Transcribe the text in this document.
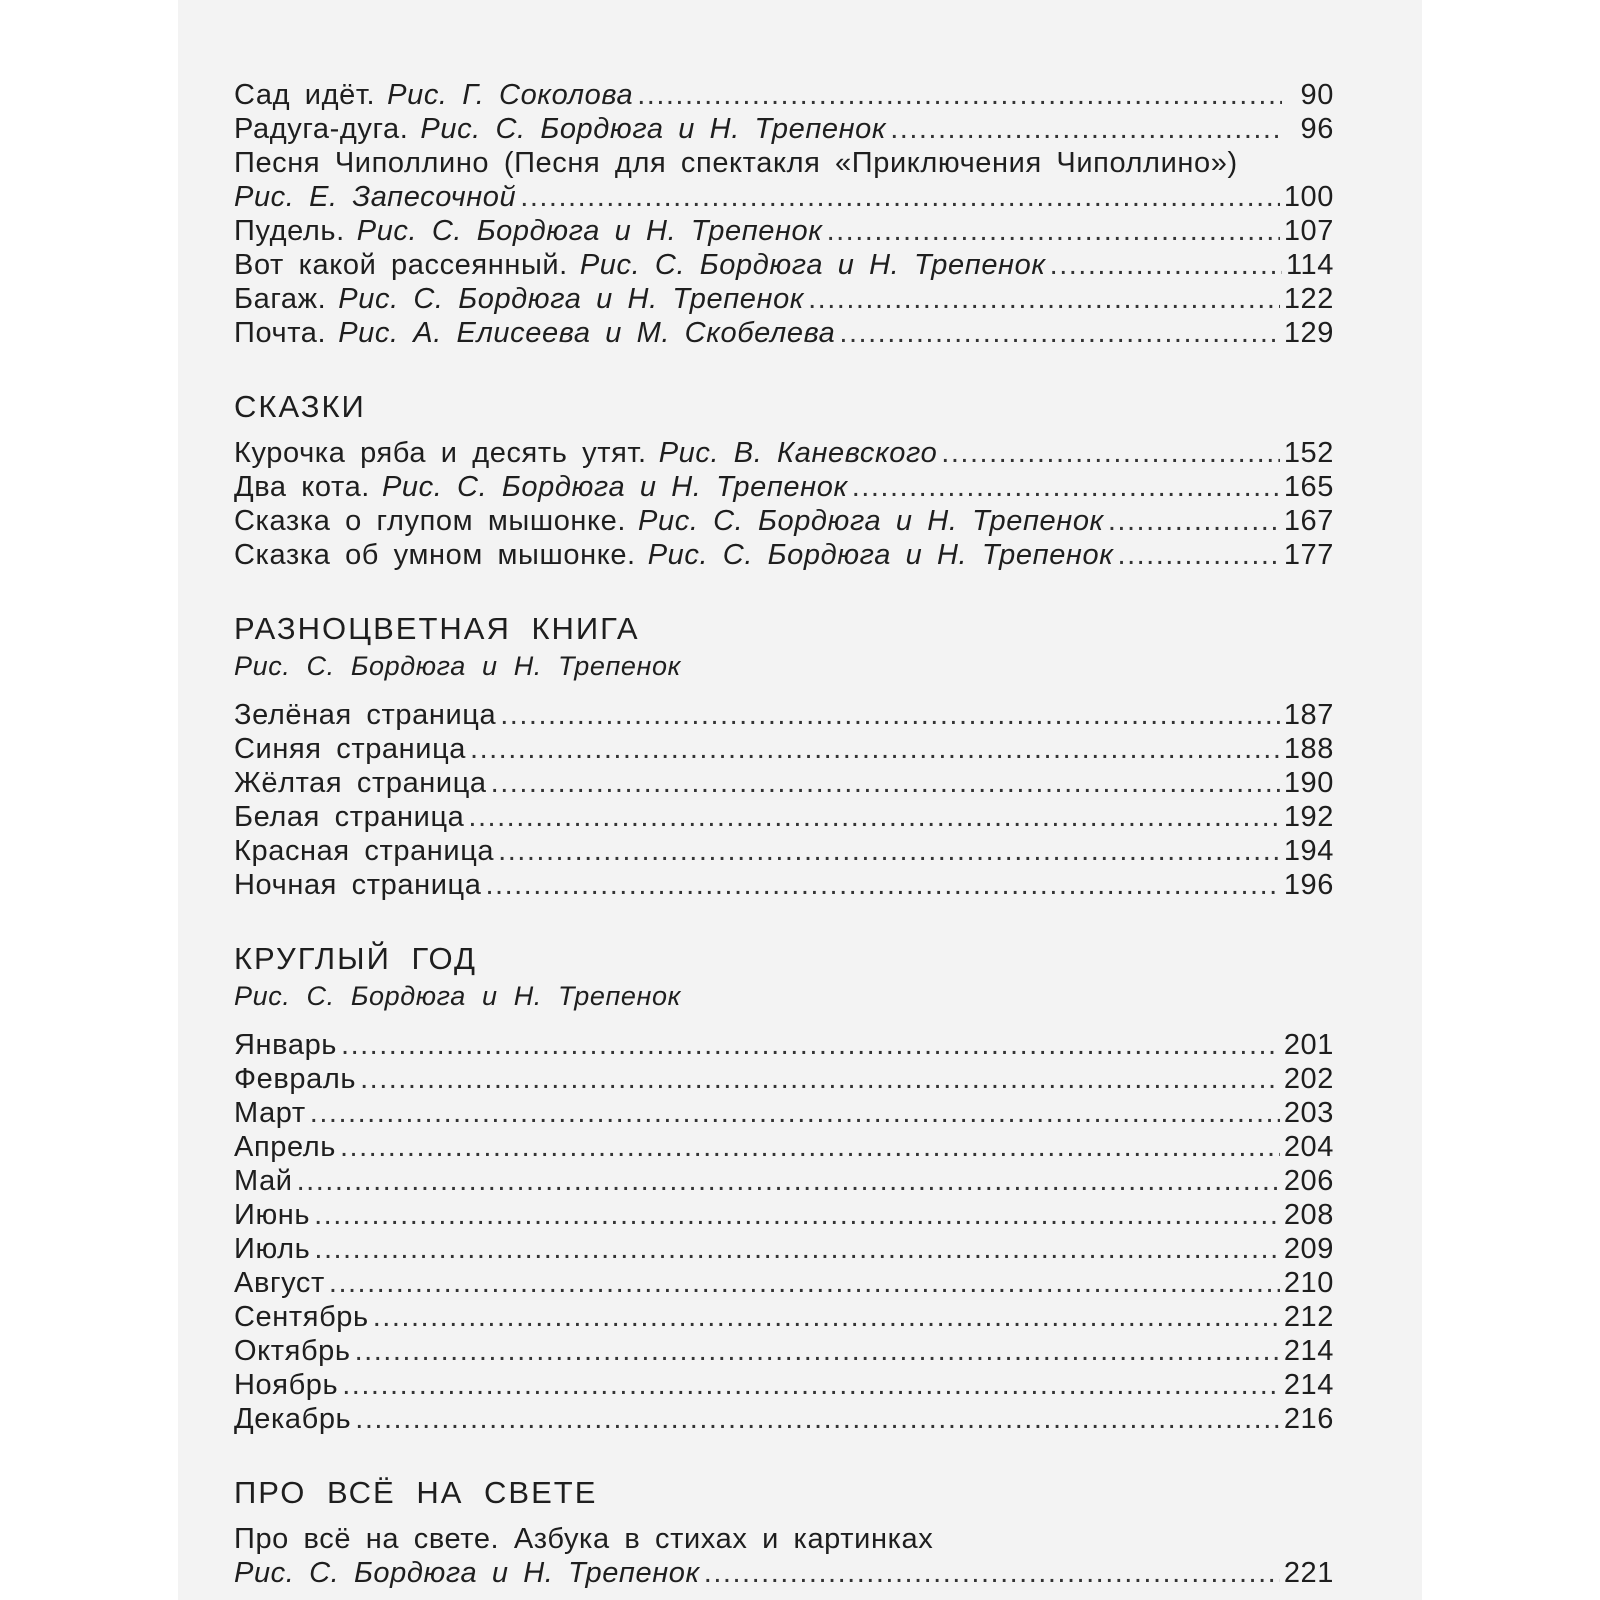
Сад идёт. Рис. Г. Соколова .....	90
Радуга-дуга. Рис. С. Бордюга и Н. Трепенок .....	96
Песня Чиполлино (Песня для спектакля «Приключения Чиполлино»)
Рис. Е. Запесочной .....	100
Пудель. Рис. С. Бордюга и Н. Трепенок .....	107
Вот какой рассеянный. Рис. С. Бордюга и Н. Трепенок .....	114
Багаж. Рис. С. Бордюга и Н. Трепенок .....	122
Почта. Рис. А. Елисеева и М. Скобелева .....	129
СКАЗКИ
Курочка ряба и десять утят. Рис. В. Каневского .....	152
Два кота. Рис. С. Бордюга и Н. Трепенок .....	165
Сказка о глупом мышонке. Рис. С. Бордюга и Н. Трепенок .....	167
Сказка об умном мышонке. Рис. С. Бордюга и Н. Трепенок .....	177
РАЗНОЦВЕТНАЯ КНИГА
Рис. С. Бордюга и Н. Трепенок
Зелёная страница .....	187
Синяя страница .....	188
Жёлтая страница .....	190
Белая страница .....	192
Красная страница .....	194
Ночная страница .....	196
КРУГЛЫЙ ГОД
Рис. С. Бордюга и Н. Трепенок
Январь .....	201
Февраль .....	202
Март .....	203
Апрель .....	204
Май .....	206
Июнь .....	208
Июль .....	209
Август .....	210
Сентябрь .....	212
Октябрь .....	214
Ноябрь .....	214
Декабрь .....	216
ПРО ВСЁ НА СВЕТЕ
Про всё на свете. Азбука в стихах и картинках
Рис. С. Бордюга и Н. Трепенок .....	221
